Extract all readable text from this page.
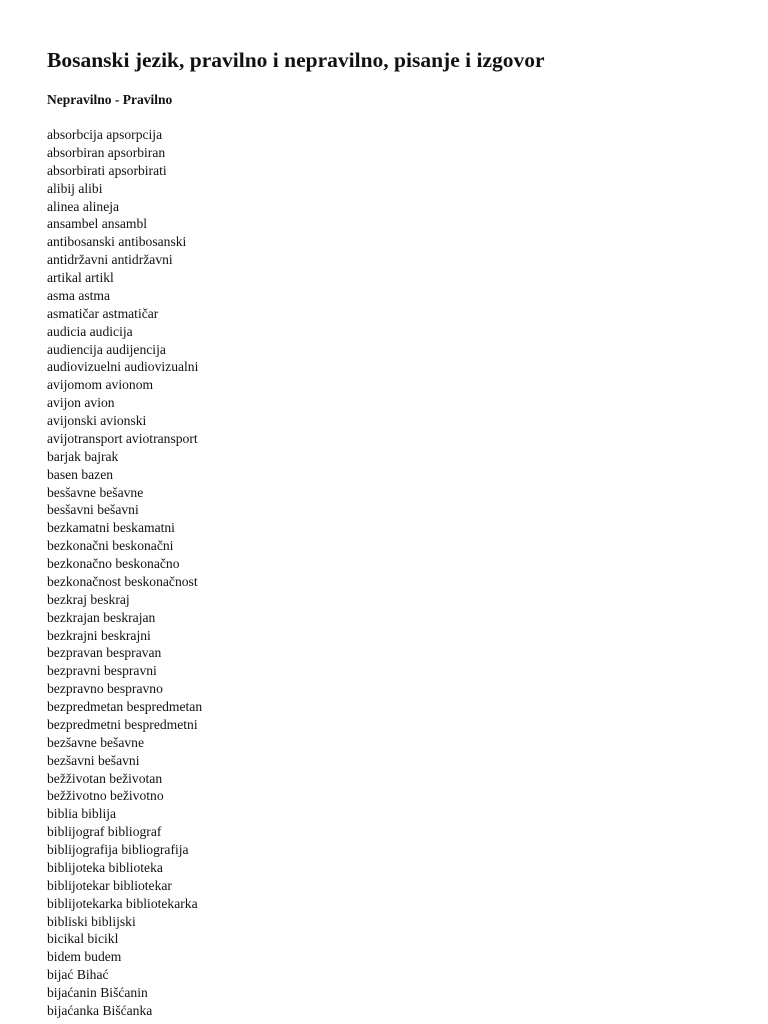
Bosanski jezik, pravilno i nepravilno, pisanje i izgovor
Nepravilno - Pravilno
absorbcija apsorpcija
absorbiran apsorbiran
absorbirati apsorbirati
alibij alibi
alinea alineja
ansambel ansambl
antibosanski antibosanski
antidržavni antidržavni
artikal artikl
asma astma
asmatičar astmatičar
audicia audicija
audiencija audijencija
audiovizuelni audiovizualni
avijomom avionom
avijon avion
avijonski avionski
avijotransport aviotransport
barjak bajrak
basen bazen
besšavne bešavne
besšavni bešavni
bezkamatni beskamatni
bezkonačni beskonačni
bezkonačno beskonačno
bezkonačnost beskonačnost
bezkraj beskraj
bezkrajan beskrajan
bezkrajni beskrajni
bezpravan bespravan
bezpravni bespravni
bezpravno bespravno
bezpredmetan bespredmetan
bezpredmetni bespredmetni
bezšavne bešavne
bezšavni bešavni
bežživotan beživotan
bežživotno beživotno
biblia biblija
biblijograf bibliograf
biblijografija bibliografija
biblijoteka biblioteka
biblijotekar bibliotekar
biblijotekarka bibliotekarka
bibliski biblijski
bicikal bicikl
bidem budem
bijać Bihać
bijaćanin Bišćanin
bijaćanka Bišćanka
